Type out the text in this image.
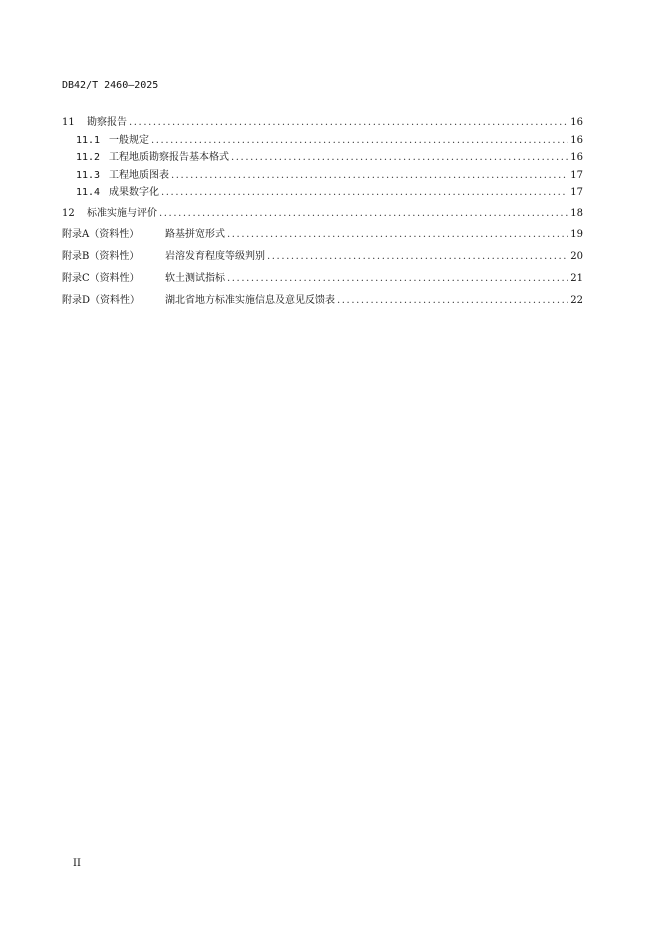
DB42/T 2460—2025
11	勘察报告 .....	16
11.1 一般规定 .....	16
11.2 工程地质勘察报告基本格式 .....	16
11.3 工程地质图表 .....	17
11.4 成果数字化 .....	17
12	标准实施与评价 .....	18
附录A（资料性）	路基拼宽形式 .....	19
附录B（资料性）	岩溶发育程度等级判别 .....	20
附录C（资料性）	软土测试指标 .....	21
附录D（资料性）	湖北省地方标准实施信息及意见反馈表 .....	22
II
